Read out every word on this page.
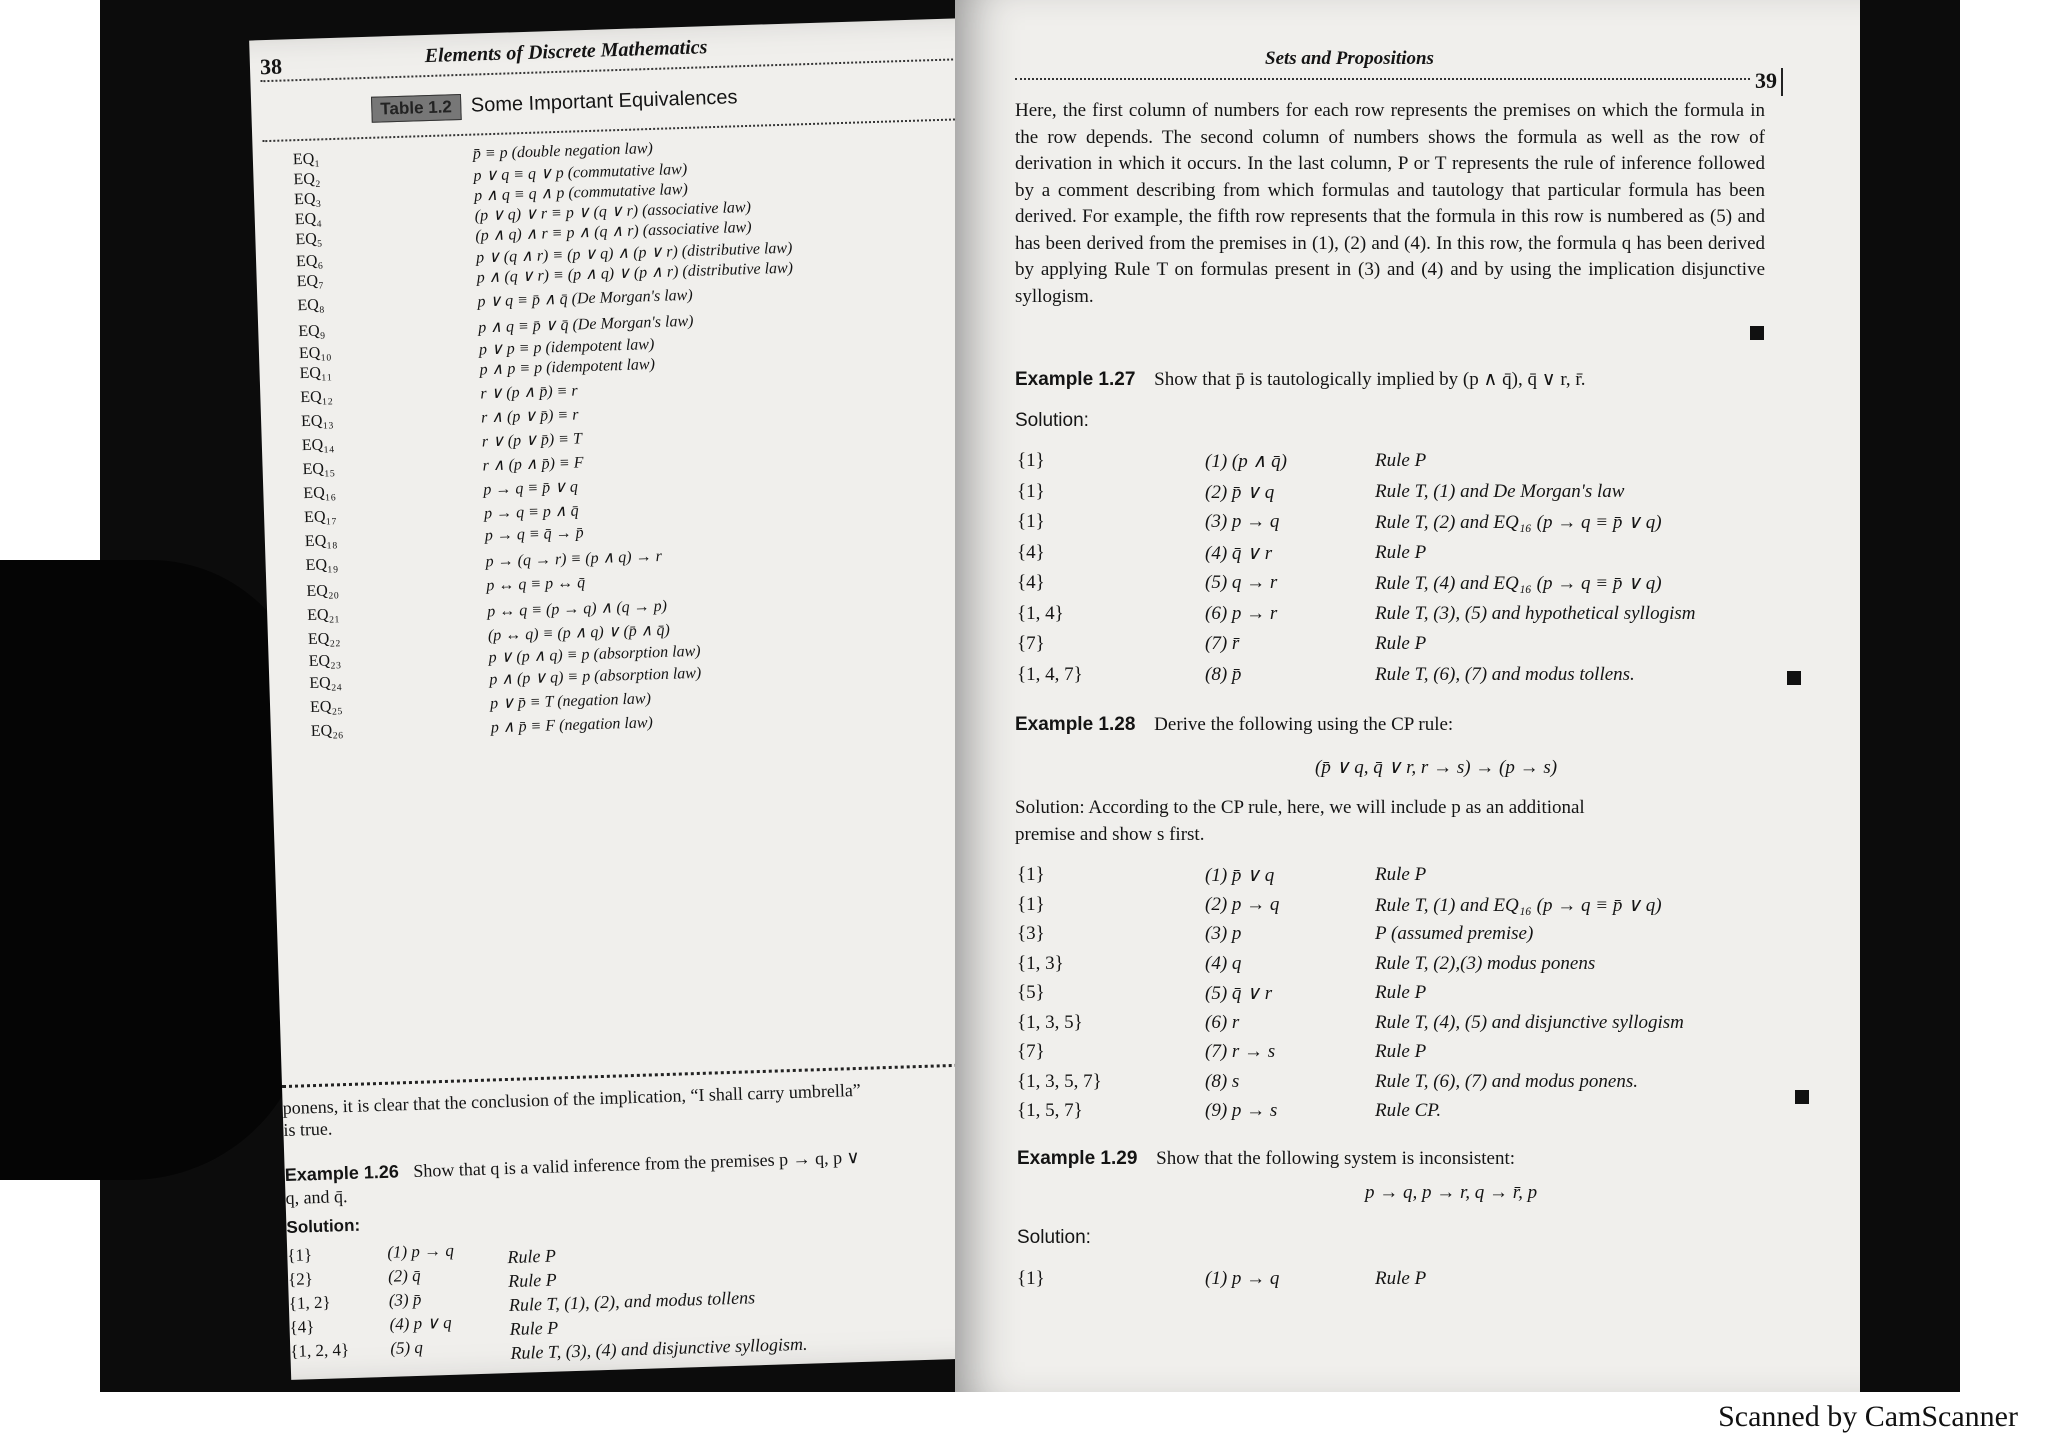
38	Elements of Discrete Mathematics
Table 1.2 Some Important Equivalences
EQ₁	p̄̄ ≡ p (double negation law)
EQ₂	p ∨ q ≡ q ∨ p (commutative law)
EQ₃	p ∧ q ≡ q ∧ p (commutative law)
EQ₄	(p ∨ q) ∨ r ≡ p ∨ (q ∨ r) (associative law)
EQ₅	(p ∧ q) ∧ r ≡ p ∧ (q ∧ r) (associative law)
EQ₆	p ∨ (q ∧ r) ≡ (p ∨ q) ∧ (p ∨ r) (distributive law)
EQ₇	p ∧ (q ∨ r) ≡ (p ∧ q) ∨ (p ∧ r) (distributive law)
EQ₈	p ∨ q ≡ p̄ ∧ q̄ (De Morgan's law)
EQ₉	p ∧ q ≡ p̄ ∨ q̄ (De Morgan's law)
EQ₁₀	p ∨ p ≡ p (idempotent law)
EQ₁₁	p ∧ p ≡ p (idempotent law)
EQ₁₂	r ∨ (p ∧ p̄) ≡ r
EQ₁₃	r ∧ (p ∨ p̄) ≡ r
EQ₁₄	r ∨ (p ∨ p̄) ≡ T
EQ₁₅	r ∧ (p ∧ p̄) ≡ F
EQ₁₆	p → q ≡ p̄ ∨ q
EQ₁₇	p → q ≡ p ∧ q̄
EQ₁₈	p → q ≡ q̄ → p̄
EQ₁₉	p → (q → r) ≡ (p ∧ q) → r
EQ₂₀	p ↔ q ≡ p ↔ q̄
EQ₂₁	p ↔ q ≡ (p → q) ∧ (q → p)
EQ₂₂	(p ↔ q) ≡ (p ∧ q) ∨ (p̄ ∧ q̄)
EQ₂₃	p ∨ (p ∧ q) ≡ p (absorption law)
EQ₂₄	p ∧ (p ∨ q) ≡ p (absorption law)
EQ₂₅	p ∨ p̄ ≡ T (negation law)
EQ₂₆	p ∧ p̄ ≡ F (negation law)
ponens, it is clear that the conclusion of the implication, “I shall carry umbrella”
is true.
Example 1.26 Show that q is a valid inference from the premises p → q, p ∨
q, and q̄.
Solution:
{1}	(1) p → q	Rule P
{2}	(2) q̄	Rule P
{1, 2}	(3) p̄	Rule T, (1), (2), and modus tollens
{4}	(4) p ∨ q	Rule P
{1, 2, 4} (5) q	Rule T, (3), (4) and disjunctive syllogism.
Sets and Propositions
39
Here, the first column of numbers for each row represents the premises on which the formula in the row depends. The second column of numbers shows the formula as well as the row of derivation in which it occurs. In the last column, P or T represents the rule of inference followed by a comment describing from which formulas and tautology that particular formula has been derived. For example, the fifth row represents that the formula in this row is numbered as (5) and has been derived from the premises in (1), (2) and (4). In this row, the formula q has been derived by applying Rule T on formulas present in (3) and (4) and by using the implication disjunctive syllogism.
Example 1.27 Show that p̄ is tautologically implied by (p ∧ q̄), q̄ ∨ r, r̄.
Solution:
{1}	(1) (p ∧ q̄)	Rule P
{1}	(2) p̄ ∨ q	Rule T, (1) and De Morgan's law
{1}	(3) p → q	Rule T, (2) and EQ₁₆ (p → q ≡ p̄ ∨ q)
{4}	(4) q̄ ∨ r	Rule P
{4}	(5) q → r	Rule T, (4) and EQ₁₆ (p → q ≡ p̄ ∨ q)
{1, 4}	(6) p → r	Rule T, (3), (5) and hypothetical syllogism
{7}	(7) r̄	Rule P
{1, 4, 7}	(8) p̄	Rule T, (6), (7) and modus tollens.
Example 1.28 Derive the following using the CP rule:
(p̄ ∨ q, q̄ ∨ r, r → s) → (p → s)
Solution: According to the CP rule, here, we will include p as an additional
premise and show s first.
{1}	(1) p̄ ∨ q	Rule P
{1}	(2) p → q	Rule T, (1) and EQ₁₆ (p → q ≡ p̄ ∨ q)
{3}	(3) p	P (assumed premise)
{1, 3}	(4) q	Rule T, (2),(3) modus ponens
{5}	(5) q̄ ∨ r	Rule P
{1, 3, 5}	(6) r	Rule T, (4), (5) and disjunctive syllogism
{7}	(7) r → s	Rule P
{1, 3, 5, 7}	(8) s	Rule T, (6), (7) and modus ponens.
{1, 5, 7}	(9) p → s	Rule CP.
Example 1.29 Show that the following system is inconsistent:
p → q, p → r, q → r̄, p
Solution:
{1}	(1) p → q	Rule P
Scanned by CamScanner
